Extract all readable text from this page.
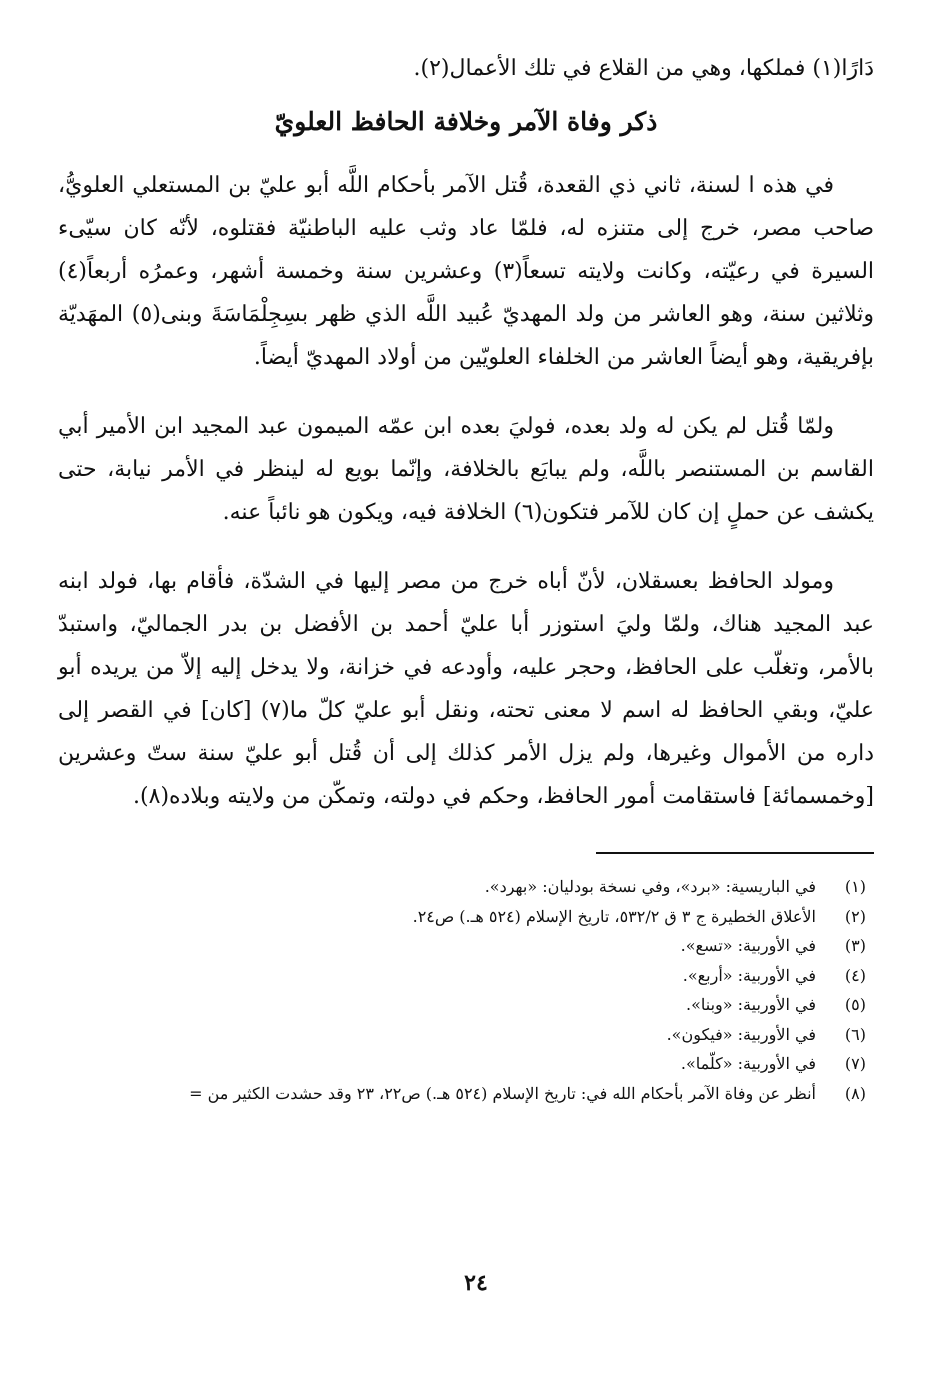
دَارًا(١) فملكها، وهي من القلاع في تلك الأعمال(٢).

ذكر وفاة الآمر وخلافة الحافظ العلويّ

في هذه ا لسنة، ثاني ذي القعدة، قُتل الآمر بأحكام اللَّه أبو عليّ بن المستعلي العلويُّ، صاحب مصر، خرج إلى متنزه له، فلمّا عاد وثب عليه الباطنيّة فقتلوه، لأنّه كان سيّىء السيرة في رعيّته، وكانت ولايته تسعاً(٣) وعشرين سنة وخمسة أشهر، وعمرُه أربعاً(٤) وثلاثين سنة، وهو العاشر من ولد المهديّ عُبيد اللَّه الذي ظهر بسِجِلْمَاسَةَ وبنى(٥) المهَديّة بإفريقية، وهو أيضاً العاشر من الخلفاء العلويّين من أولاد المهديّ أيضاً.

ولمّا قُتل لم يكن له ولد بعده، فوليَ بعده ابن عمّه الميمون عبد المجيد ابن الأمير أبي القاسم بن المستنصر باللَّه، ولم يبايَع بالخلافة، وإنّما بويع له لينظر في الأمر نيابة، حتى يكشف عن حملٍ إن كان للآمر فتكون(٦) الخلافة فيه، ويكون هو نائباً عنه.

ومولد الحافظ بعسقلان، لأنّ أباه خرج من مصر إليها في الشدّة، فأقام بها، فولد ابنه عبد المجيد هناك، ولمّا وليَ استوزر أبا عليّ أحمد بن الأفضل بن بدر الجماليّ، واستبدّ بالأمر، وتغلّب على الحافظ، وحجر عليه، وأودعه في خزانة، ولا يدخل إليه إلاّ من يريده أبو عليّ، وبقي الحافظ له اسم لا معنى تحته، ونقل أبو عليّ كلّ ما(٧) [كان] في القصر إلى داره من الأموال وغيرها، ولم يزل الأمر كذلك إلى أن قُتل أبو عليّ سنة ستّ وعشرين [وخمسمائة] فاستقامت أمور الحافظ، وحكم في دولته، وتمكّن من ولايته وبلاده(٨).

(١)
في الباريسية: «برد»، وفي نسخة بودليان: «بهرد».
(٢)
الأعلاق الخطيرة ج ٣ ق ٥٣٢/٢، تاريخ الإسلام (٥٢٤ هـ.) ص٢٤.
(٣)
في الأوربية: «تسع».
(٤)
في الأوربية: «أربع».
(٥)
في الأوربية: «وبنا».
(٦)
في الأوربية: «فيكون».
(٧)
في الأوربية: «كلّما».
(٨)
أنظر عن وفاة الآمر بأحكام الله في: تاريخ الإسلام (٥٢٤ هـ.) ص٢٢، ٢٣ وقد حشدت الكثير من =
٢٤
